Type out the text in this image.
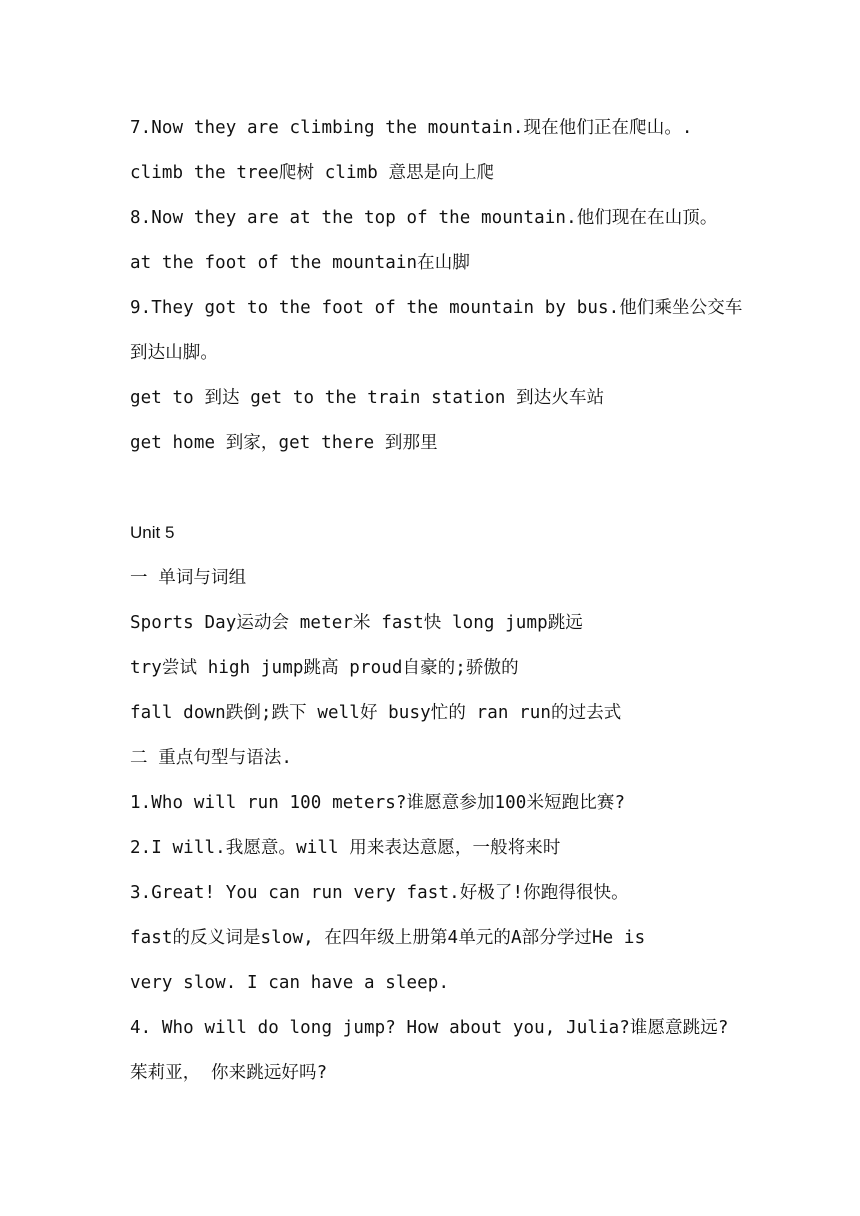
7.Now they are climbing the mountain.现在他们正在爬山。.
climb the tree爬树 climb 意思是向上爬
8.Now they are at the top of the mountain.他们现在在山顶。
at the foot of the mountain在山脚
9.They got to the foot of the mountain by bus.他们乘坐公交车
到达山脚。
get to 到达 get to the train station 到达火车站
get home 到家，get there 到那里
Unit 5
一 单词与词组
Sports Day运动会 meter米 fast快 long jump跳远
try尝试 high jump跳高 proud自豪的;骄傲的
fall down跌倒;跌下 well好 busy忙的 ran run的过去式
二 重点句型与语法.
1.Who will run 100 meters?谁愿意参加100米短跑比赛?
2.I will.我愿意。will 用来表达意愿，一般将来时
3.Great! You can run very fast.好极了!你跑得很快。
fast的反义词是slow, 在四年级上册第4单元的A部分学过He is
very slow. I can have a sleep.
4. Who will do long jump? How about you, Julia?谁愿意跳远?
茱莉亚， 你来跳远好吗?
